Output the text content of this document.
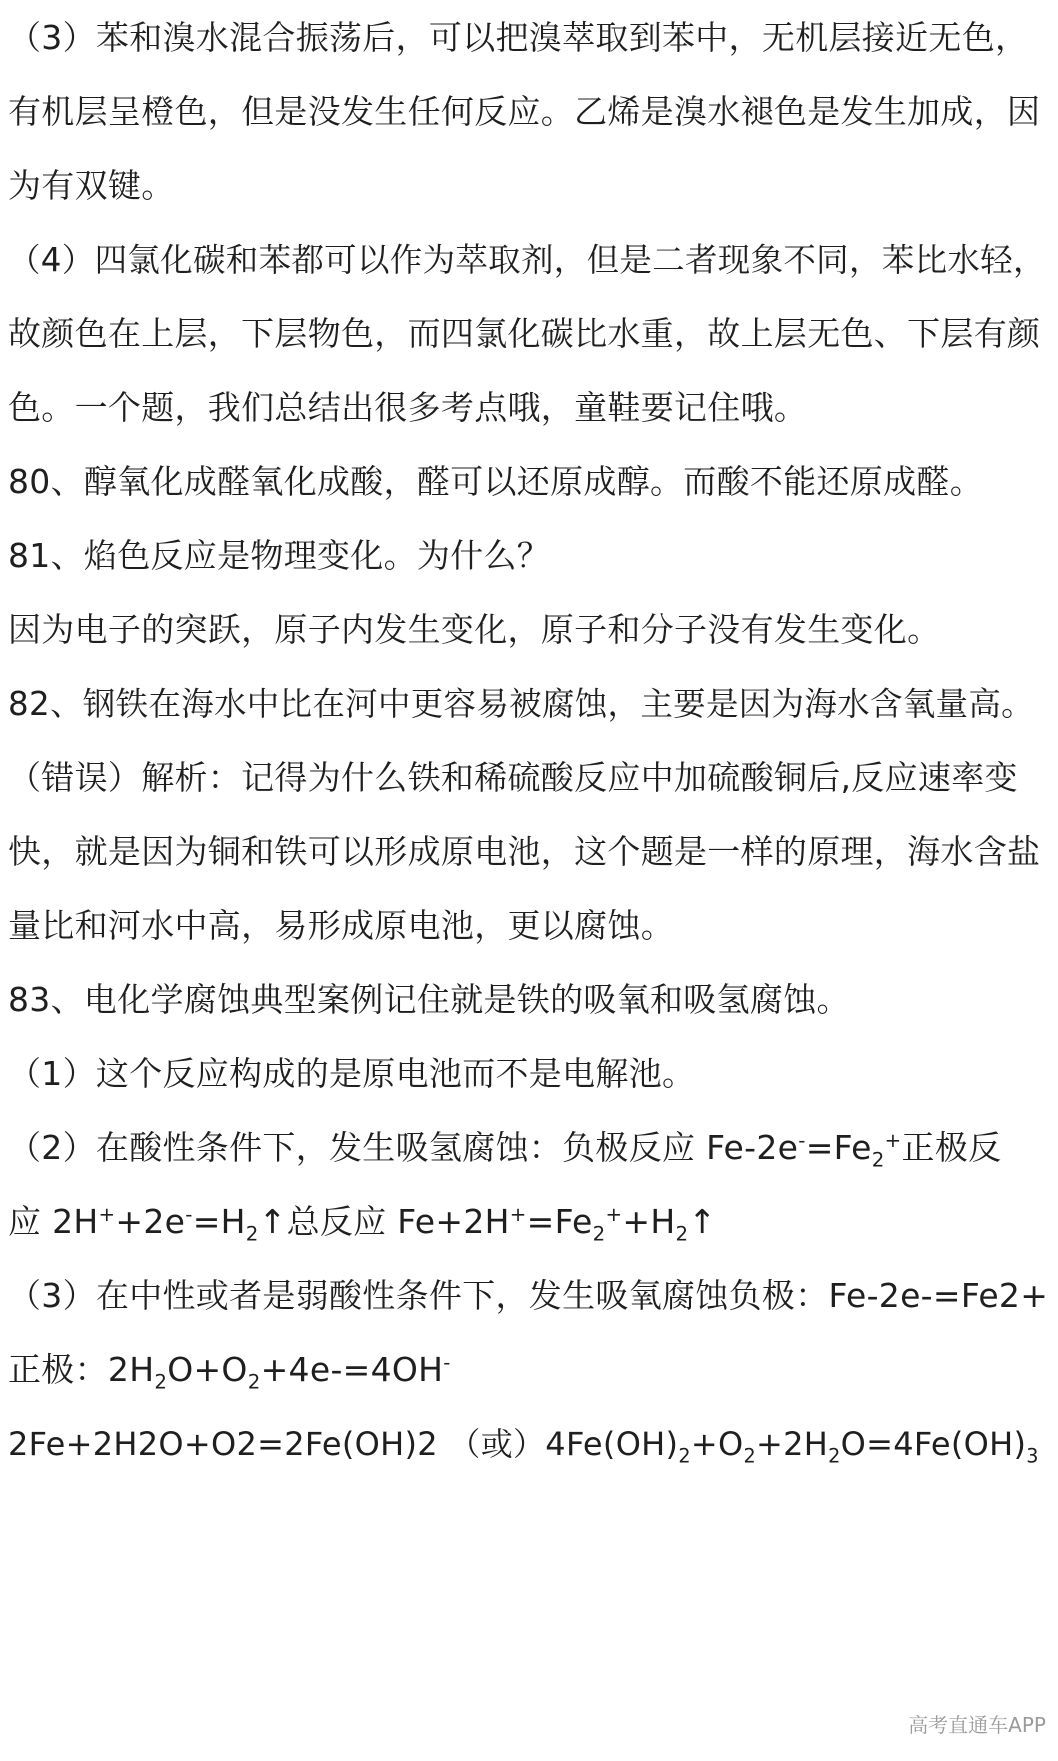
（3）苯和溴水混合振荡后，可以把溴萃取到苯中，无机层接近无色，
有机层呈橙色，但是没发生任何反应。乙烯是溴水褪色是发生加成，因
为有双键。
（4）四氯化碳和苯都可以作为萃取剂，但是二者现象不同，苯比水轻，
故颜色在上层，下层物色，而四氯化碳比水重，故上层无色、下层有颜
色。一个题，我们总结出很多考点哦，童鞋要记住哦。
80、醇氧化成醛氧化成酸，醛可以还原成醇。而酸不能还原成醛。
81、焰色反应是物理变化。为什么？
因为电子的突跃，原子内发生变化，原子和分子没有发生变化。
82、钢铁在海水中比在河中更容易被腐蚀，主要是因为海水含氧量高。
（错误）解析：记得为什么铁和稀硫酸反应中加硫酸铜后,反应速率变
快，就是因为铜和铁可以形成原电池，这个题是一样的原理，海水含盐
量比和河水中高，易形成原电池，更以腐蚀。
83、电化学腐蚀典型案例记住就是铁的吸氧和吸氢腐蚀。
（1）这个反应构成的是原电池而不是电解池。
（2）在酸性条件下，发生吸氢腐蚀：负极反应 $Fe-2e^-=Fe_2^+$正极反
应 $2H^++2e^-=H_2↑$总反应 $Fe+2H^+=Fe_2^++H_2↑$
（3）在中性或者是弱酸性条件下，发生吸氧腐蚀负极：Fe-2e-=Fe2+
正极：$2H_2O+O_2+4e-=4OH^-$
2Fe+2H2O+O2=2Fe(OH)2 （或）$4Fe(OH)_2+O_2+2H_2O=4Fe(OH)_3$
高考直通车APP
